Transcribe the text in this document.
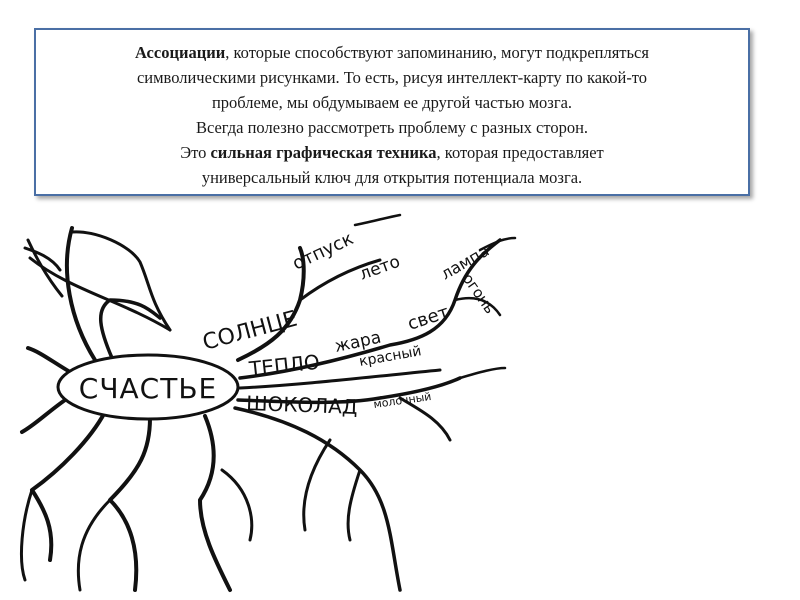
Ассоциации, которые способствуют запоминанию, могут подкрепляться
символическими рисунками. То есть, рисуя интеллект-карту по какой-то
проблеме, мы обдумываем ее другой частью мозга.
Всегда полезно рассмотреть проблему с разных сторон.
Это сильная графическая техника, которая предоставляет
универсальный ключ для открытия потенциала мозга.
СЧАСТЬЕ
СОЛНЦЕ
отпуск лето
ТЕПЛО
жара
свет
лампа
огонь
красный
ШОКОЛАД молочный
